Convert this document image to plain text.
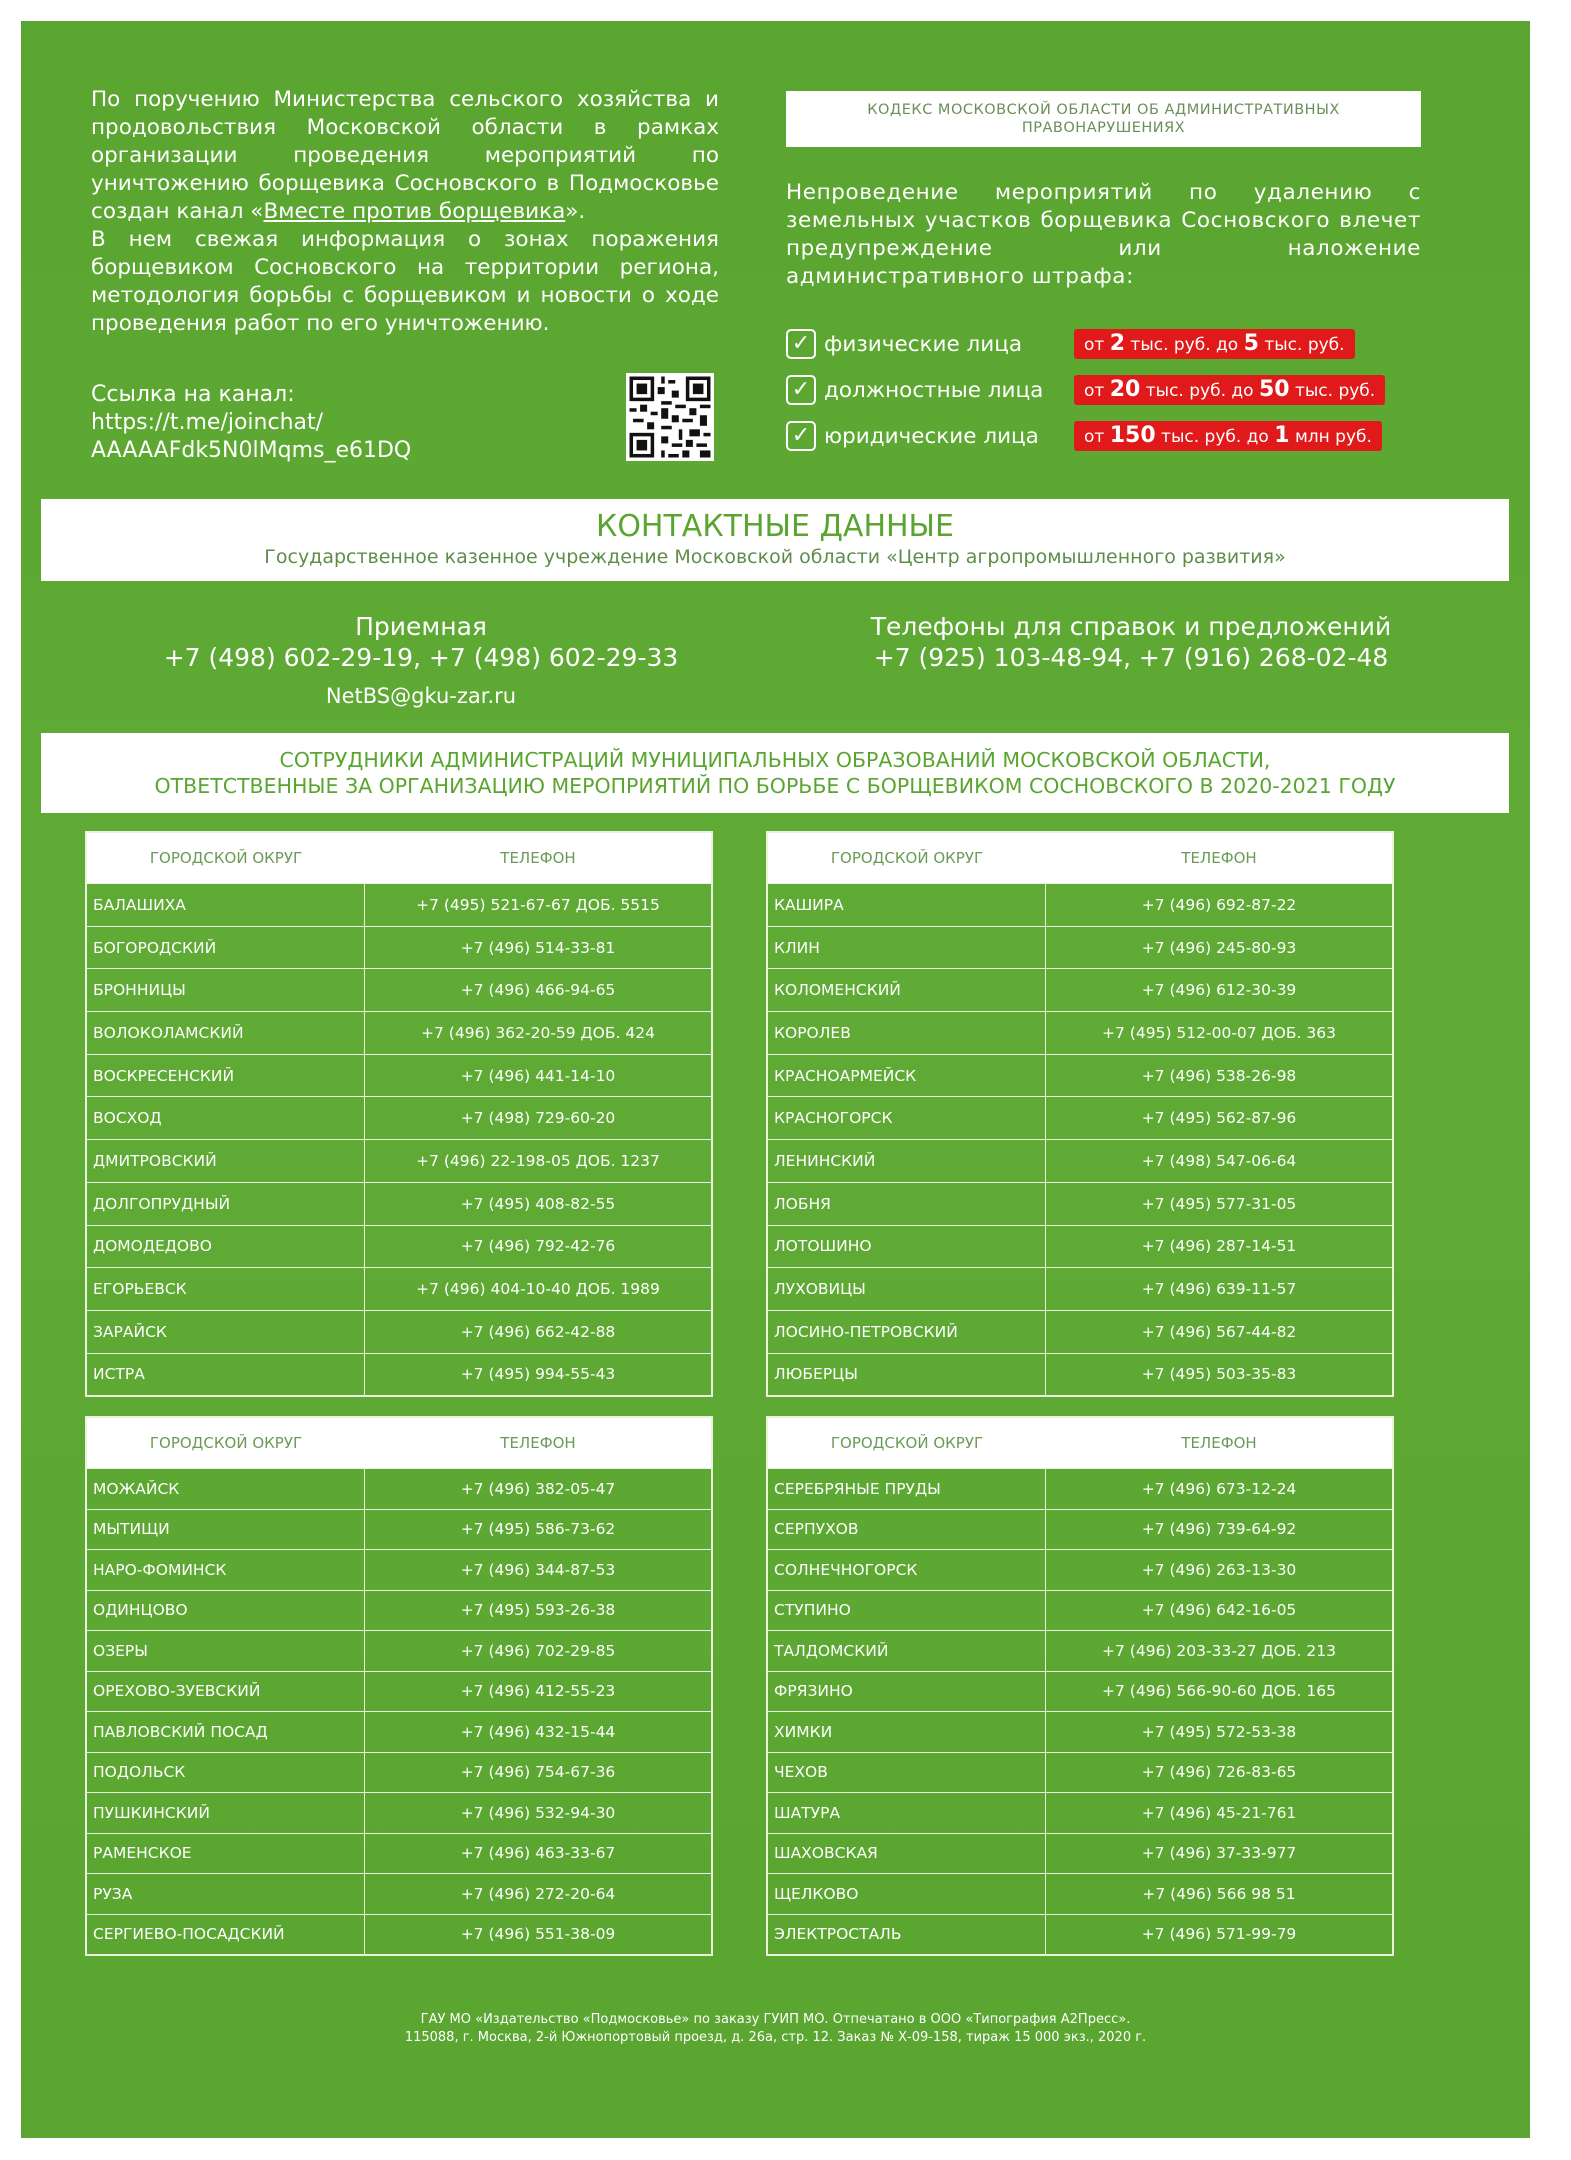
По поручению Министерства сельского хозяйства и продовольствия Московской области в рамках организации проведения мероприятий по уничтожению борщевика Сосновского в Подмосковье создан канал «Вместе против борщевика».

В нем свежая информация о зонах поражения борщевиком Сосновского на территории региона, методология борьбы с борщевиком и новости о ходе проведения работ по его уничтожению.

Ссылка на канал:
https://t.me/joinchat/
AAAAAFdk5N0lMqms_e61DQ
КОДЕКС МОСКОВСКОЙ ОБЛАСТИ ОБ АДМИНИСТРАТИВНЫХ
ПРАВОНАРУШЕНИЯХ
Непроведение мероприятий по удалению с земельных участков борщевика Сосновского влечет предупреждение или наложение административного штрафа:
✓ физические лица	от 2 тыс. руб. до 5 тыс. руб.
✓ должностные лица	от 20 тыс. руб. до 50 тыс. руб.
✓ юридические лица	от 150 тыс. руб. до 1 млн руб.
КОНТАКТНЫЕ ДАННЫЕ
Государственное казенное учреждение Московской области «Центр агропромышленного развития»
Приемная
+7 (498) 602-29-19, +7 (498) 602-29-33
NetBS@gku-zar.ru
Телефоны для справок и предложений
+7 (925) 103-48-94, +7 (916) 268-02-48
СОТРУДНИКИ АДМИНИСТРАЦИЙ МУНИЦИПАЛЬНЫХ ОБРАЗОВАНИЙ МОСКОВСКОЙ ОБЛАСТИ,
ОТВЕТСТВЕННЫЕ ЗА ОРГАНИЗАЦИЮ МЕРОПРИЯТИЙ ПО БОРЬБЕ С БОРЩЕВИКОМ СОСНОВСКОГО В 2020-2021 ГОДУ
ГОРОДСКОЙ ОКРУГ	ТЕЛЕФОН
БАЛАШИХА	+7 (495) 521-67-67 ДОБ. 5515
БОГОРОДСКИЙ	+7 (496) 514-33-81
БРОННИЦЫ	+7 (496) 466-94-65
ВОЛОКОЛАМСКИЙ	+7 (496) 362-20-59 ДОБ. 424
ВОСКРЕСЕНСКИЙ	+7 (496) 441-14-10
ВОСХОД	+7 (498) 729-60-20
ДМИТРОВСКИЙ	+7 (496) 22-198-05 ДОБ. 1237
ДОЛГОПРУДНЫЙ	+7 (495) 408-82-55
ДОМОДЕДОВО	+7 (496) 792-42-76
ЕГОРЬЕВСК	+7 (496) 404-10-40 ДОБ. 1989
ЗАРАЙСК	+7 (496) 662-42-88
ИСТРА	+7 (495) 994-55-43
ГОРОДСКОЙ ОКРУГ	ТЕЛЕФОН
КАШИРА	+7 (496) 692-87-22
КЛИН	+7 (496) 245-80-93
КОЛОМЕНСКИЙ	+7 (496) 612-30-39
КОРОЛЕВ	+7 (495) 512-00-07 ДОБ. 363
КРАСНОАРМЕЙСК	+7 (496) 538-26-98
КРАСНОГОРСК	+7 (495) 562-87-96
ЛЕНИНСКИЙ	+7 (498) 547-06-64
ЛОБНЯ	+7 (495) 577-31-05
ЛОТОШИНО	+7 (496) 287-14-51
ЛУХОВИЦЫ	+7 (496) 639-11-57
ЛОСИНО-ПЕТРОВСКИЙ	+7 (496) 567-44-82
ЛЮБЕРЦЫ	+7 (495) 503-35-83
ГОРОДСКОЙ ОКРУГ	ТЕЛЕФОН
МОЖАЙСК	+7 (496) 382-05-47
МЫТИЩИ	+7 (495) 586-73-62
НАРО-ФОМИНСК	+7 (496) 344-87-53
ОДИНЦОВО	+7 (495) 593-26-38
ОЗЕРЫ	+7 (496) 702-29-85
ОРЕХОВО-ЗУЕВСКИЙ	+7 (496) 412-55-23
ПАВЛОВСКИЙ ПОСАД	+7 (496) 432-15-44
ПОДОЛЬСК	+7 (496) 754-67-36
ПУШКИНСКИЙ	+7 (496) 532-94-30
РАМЕНСКОЕ	+7 (496) 463-33-67
РУЗА	+7 (496) 272-20-64
СЕРГИЕВО-ПОСАДСКИЙ	+7 (496) 551-38-09
ГОРОДСКОЙ ОКРУГ	ТЕЛЕФОН
СЕРЕБРЯНЫЕ ПРУДЫ	+7 (496) 673-12-24
СЕРПУХОВ	+7 (496) 739-64-92
СОЛНЕЧНОГОРСК	+7 (496) 263-13-30
СТУПИНО	+7 (496) 642-16-05
ТАЛДОМСКИЙ	+7 (496) 203-33-27 ДОБ. 213
ФРЯЗИНО	+7 (496) 566-90-60 ДОБ. 165
ХИМКИ	+7 (495) 572-53-38
ЧЕХОВ	+7 (496) 726-83-65
ШАТУРА	+7 (496) 45-21-761
ШАХОВСКАЯ	+7 (496) 37-33-977
ЩЕЛКОВО	+7 (496) 566 98 51
ЭЛЕКТРОСТАЛЬ	+7 (496) 571-99-79
ГАУ МО «Издательство «Подмосковье» по заказу ГУИП МО. Отпечатано в ООО «Типография А2Пресс».
115088, г. Москва, 2-й Южнопортовый проезд, д. 26а, стр. 12. Заказ № Х-09-158, тираж 15 000 экз., 2020 г.
